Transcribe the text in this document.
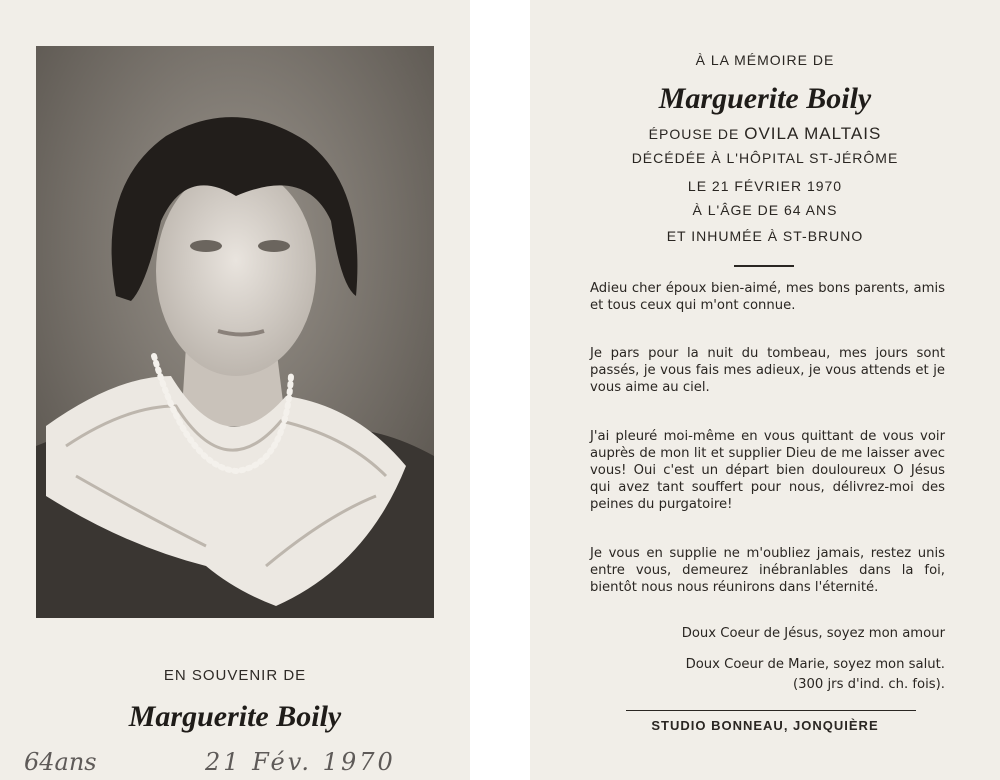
EN SOUVENIR DE
Marguerite Boily
64ans	21 Fév. 1970
À LA MÉMOIRE DE
Marguerite Boily
ÉPOUSE DE OVILA MALTAIS
DÉCÉDÉE À L'HÔPITAL ST-JÉRÔME
LE 21 FÉVRIER 1970
À L'ÂGE DE 64 ANS
ET INHUMÉE À ST-BRUNO
Adieu cher époux bien-aimé, mes bons parents, amis et tous ceux qui m'ont connue.
Je pars pour la nuit du tombeau, mes jours sont passés, je vous fais mes adieux, je vous attends et je vous aime au ciel.
J'ai pleuré moi-même en vous quittant de vous voir auprès de mon lit et supplier Dieu de me laisser avec vous! Oui c'est un départ bien douloureux O Jésus qui avez tant souffert pour nous, délivrez-moi des peines du purgatoire!
Je vous en supplie ne m'oubliez jamais, restez unis entre vous, demeurez inébranlables dans la foi, bientôt nous nous réunirons dans l'éternité.
Doux Coeur de Jésus, soyez mon amour
Doux Coeur de Marie, soyez mon salut.
(300 jrs d'ind. ch. fois).
STUDIO BONNEAU, JONQUIÈRE
